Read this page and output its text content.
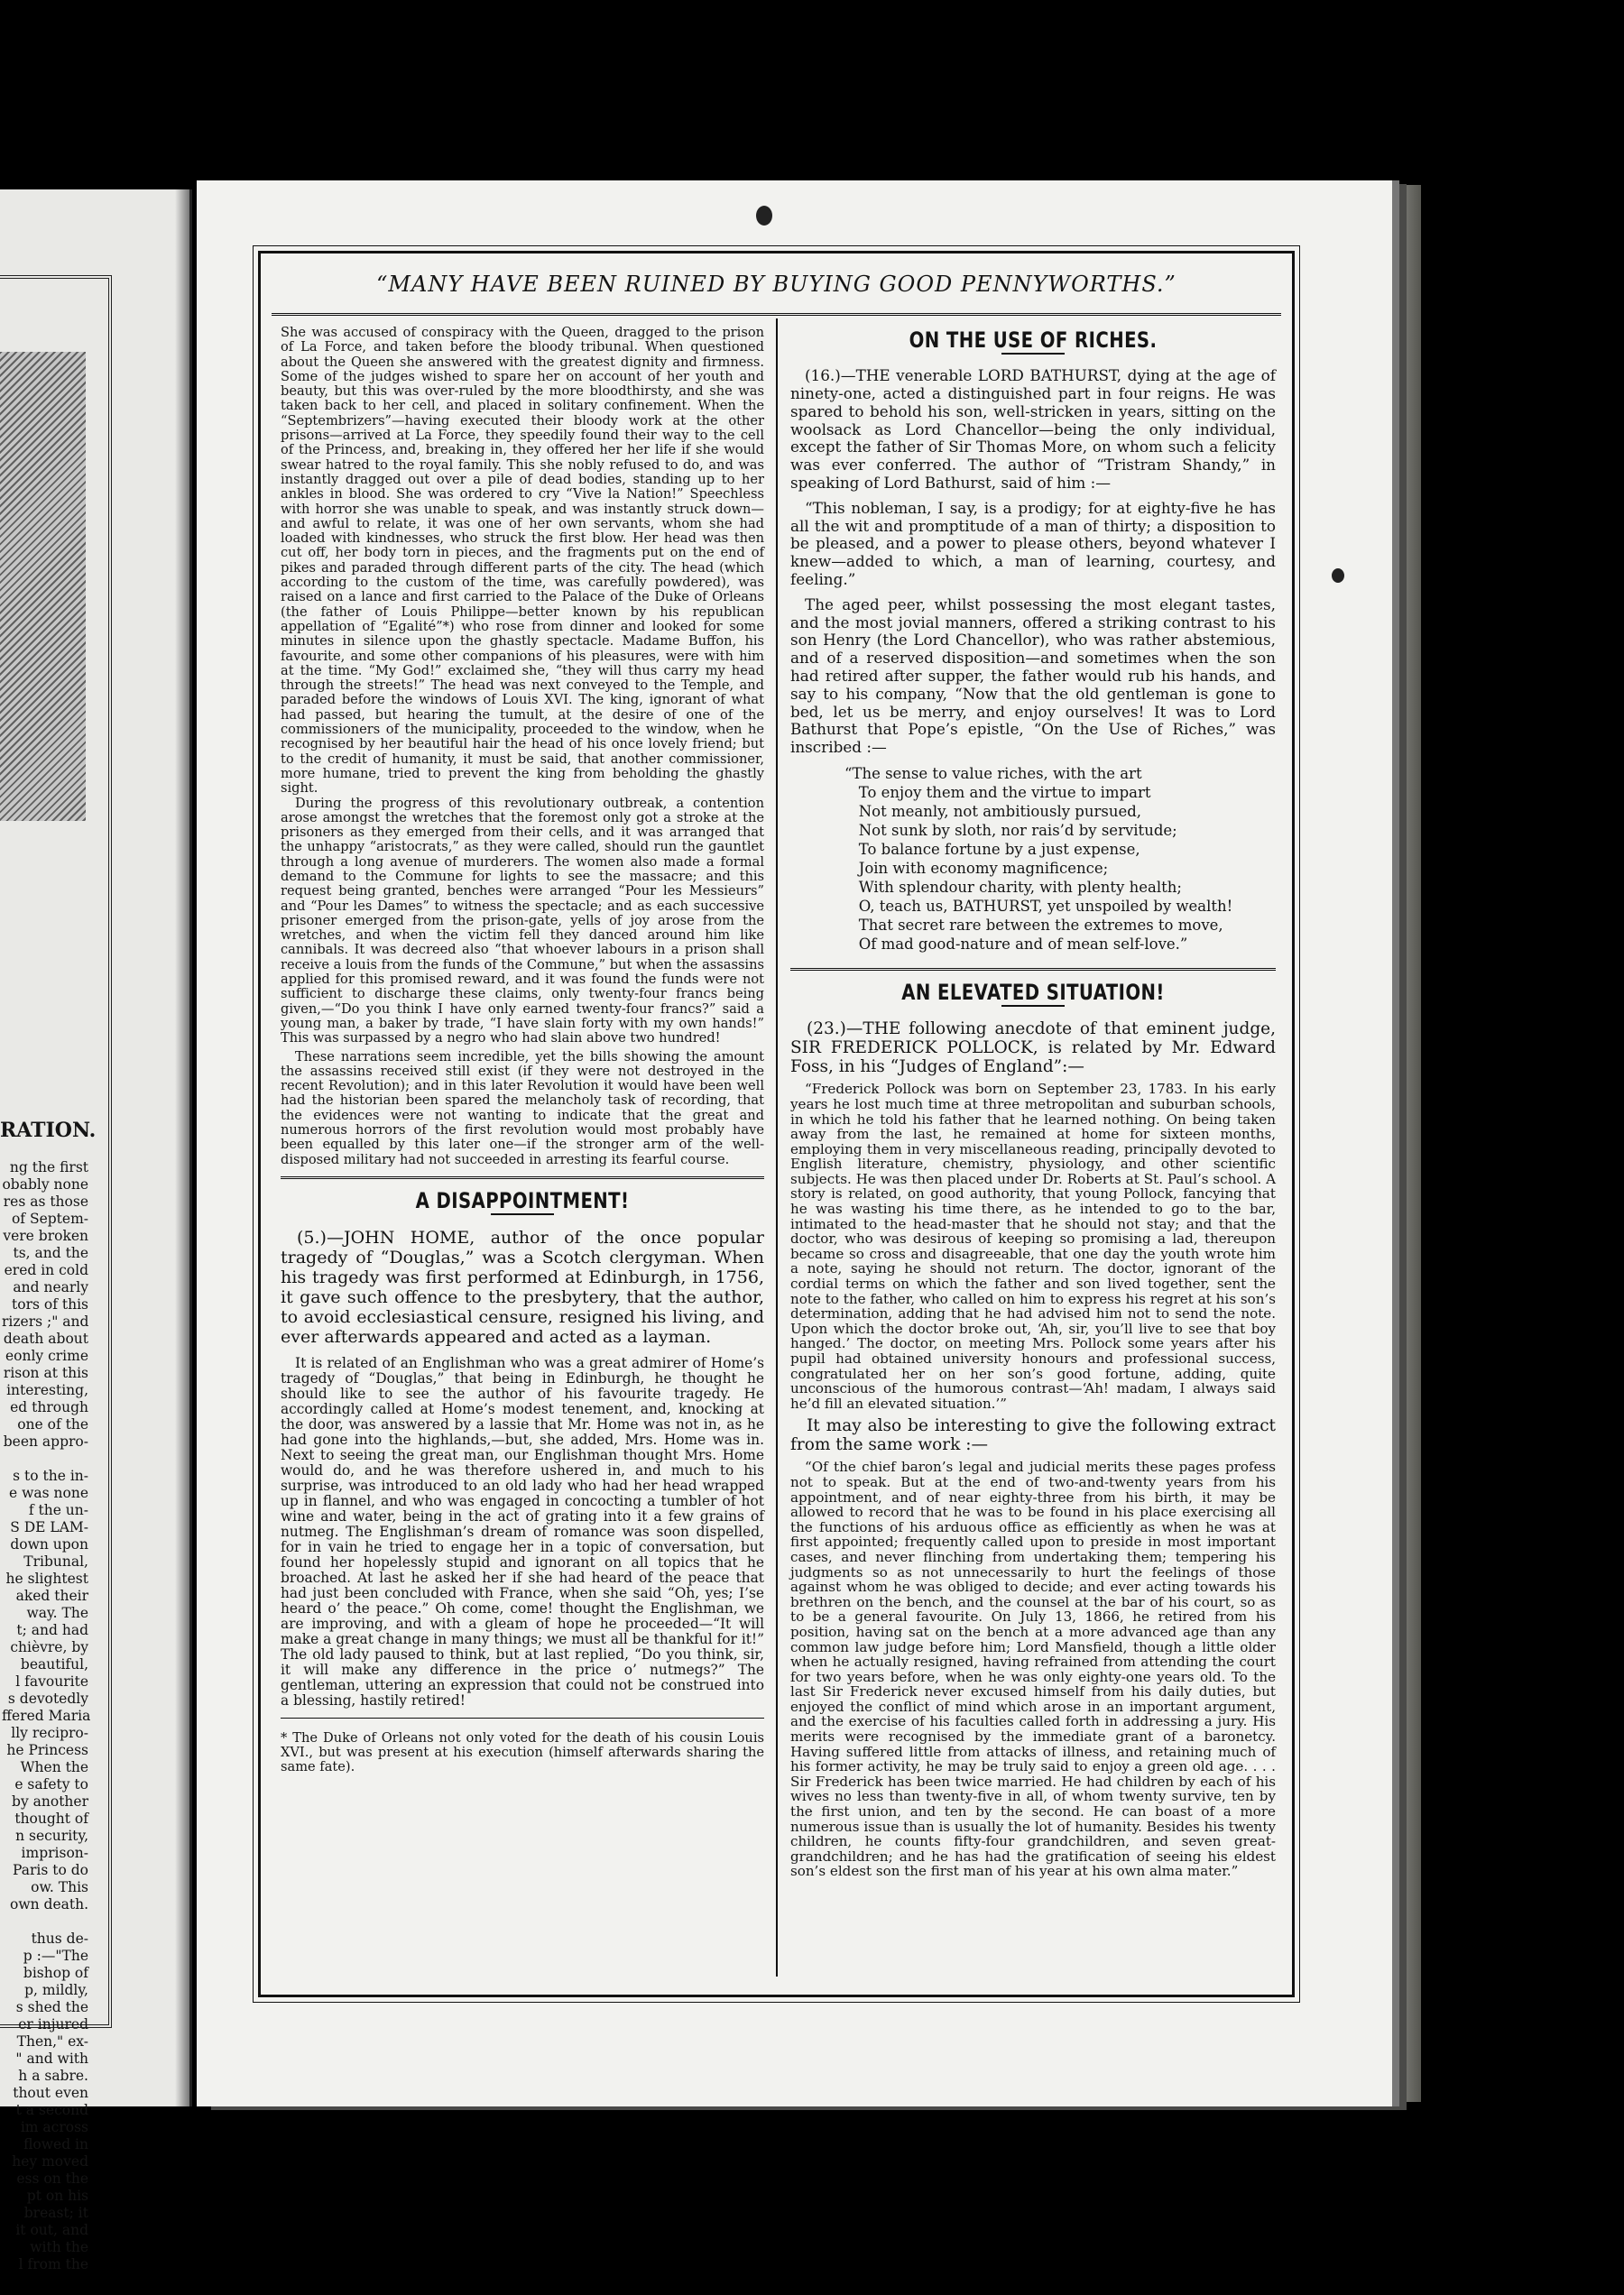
RATION.
ng the first
obably none
res as those
of Septem-
vere broken
ts, and the
ered in cold
and nearly
tors of this
rizers ;" and
death about
eonly crime
rison at this
interesting,
ed through
one of the
been appro-

s to the in-
e was none
f the un-
S DE LAM-
down upon
Tribunal,
he slightest
aked their
way. The
t; and had
chièvre, by
beautiful,
l favourite
s devotedly
ffered Maria
lly recipro-
he Princess
When the
e safety to
by another
thought of
n security,
imprison-
Paris to do
ow. This
own death.

thus de-
p :—"The
bishop of
p, mildly,
s shed the
er injured
Then," ex-
" and with
h a sabre.
thout even
t a second
im across
flowed in
hey moved
ess on the
pt on his
breast; it
it out, and
with the
l from the
“MANY HAVE BEEN RUINED BY BUYING GOOD PENNYWORTHS.”

She was accused of conspiracy with the Queen, dragged to the prison of La Force, and taken before the bloody tribunal. When questioned about the Queen she answered with the greatest dignity and firmness. Some of the judges wished to spare her on account of her youth and beauty, but this was over-ruled by the more bloodthirsty, and she was taken back to her cell, and placed in solitary confinement. When the “Septembrizers”—having executed their bloody work at the other prisons—arrived at La Force, they speedily found their way to the cell of the Princess, and, breaking in, they offered her her life if she would swear hatred to the royal family. This she nobly refused to do, and was instantly dragged out over a pile of dead bodies, standing up to her ankles in blood. She was ordered to cry “Vive la Nation!” Speechless with horror she was unable to speak, and was instantly struck down—and awful to relate, it was one of her own servants, whom she had loaded with kindnesses, who struck the first blow. Her head was then cut off, her body torn in pieces, and the fragments put on the end of pikes and paraded through different parts of the city. The head (which according to the custom of the time, was carefully powdered), was raised on a lance and first carried to the Palace of the Duke of Orleans (the father of Louis Philippe—better known by his republican appellation of “Egalité”*) who rose from dinner and looked for some minutes in silence upon the ghastly spectacle. Madame Buffon, his favourite, and some other companions of his pleasures, were with him at the time. “My God!” exclaimed she, “they will thus carry my head through the streets!” The head was next conveyed to the Temple, and paraded before the windows of Louis XVI. The king, ignorant of what had passed, but hearing the tumult, at the desire of one of the commissioners of the municipality, proceeded to the window, when he recognised by her beautiful hair the head of his once lovely friend; but to the credit of humanity, it must be said, that another commissioner, more humane, tried to prevent the king from beholding the ghastly sight.

During the progress of this revolutionary outbreak, a contention arose amongst the wretches that the foremost only got a stroke at the prisoners as they emerged from their cells, and it was arranged that the unhappy “aristocrats,” as they were called, should run the gauntlet through a long avenue of murderers. The women also made a formal demand to the Commune for lights to see the massacre; and this request being granted, benches were arranged “Pour les Messieurs” and “Pour les Dames” to witness the spectacle; and as each successive prisoner emerged from the prison-gate, yells of joy arose from the wretches, and when the victim fell they danced around him like cannibals. It was decreed also “that whoever labours in a prison shall receive a louis from the funds of the Commune,” but when the assassins applied for this promised reward, and it was found the funds were not sufficient to discharge these claims, only twenty-four francs being given,—“Do you think I have only earned twenty-four francs?” said a young man, a baker by trade, “I have slain forty with my own hands!” This was surpassed by a negro who had slain above two hundred!

These narrations seem incredible, yet the bills showing the amount the assassins received still exist (if they were not destroyed in the recent Revolution); and in this later Revolution it would have been well had the historian been spared the melancholy task of recording, that the evidences were not wanting to indicate that the great and numerous horrors of the first revolution would most probably have been equalled by this later one—if the stronger arm of the well-disposed military had not succeeded in arresting its fearful course.

A DISAPPOINTMENT!

(5.)—JOHN HOME, author of the once popular tragedy of “Douglas,” was a Scotch clergyman. When his tragedy was first performed at Edinburgh, in 1756, it gave such offence to the presbytery, that the author, to avoid ecclesiastical censure, resigned his living, and ever afterwards appeared and acted as a layman.

It is related of an Englishman who was a great admirer of Home’s tragedy of “Douglas,” that being in Edinburgh, he thought he should like to see the author of his favourite tragedy. He accordingly called at Home’s modest tenement, and, knocking at the door, was answered by a lassie that Mr. Home was not in, as he had gone into the highlands,—but, she added, Mrs. Home was in. Next to seeing the great man, our Englishman thought Mrs. Home would do, and he was therefore ushered in, and much to his surprise, was introduced to an old lady who had her head wrapped up in flannel, and who was engaged in concocting a tumbler of hot wine and water, being in the act of grating into it a few grains of nutmeg. The Englishman’s dream of romance was soon dispelled, for in vain he tried to engage her in a topic of conversation, but found her hopelessly stupid and ignorant on all topics that he broached. At last he asked her if she had heard of the peace that had just been concluded with France, when she said “Oh, yes; I’se heard o’ the peace.” Oh come, come! thought the Englishman, we are improving, and with a gleam of hope he proceeded—“It will make a great change in many things; we must all be thankful for it!” The old lady paused to think, but at last replied, “Do you think, sir, it will make any difference in the price o’ nutmegs?” The gentleman, uttering an expression that could not be construed into a blessing, hastily retired!

* The Duke of Orleans not only voted for the death of his cousin Louis XVI., but was present at his execution (himself afterwards sharing the same fate).
ON THE USE OF RICHES.

(16.)—THE venerable LORD BATHURST, dying at the age of ninety-one, acted a distinguished part in four reigns. He was spared to behold his son, well-stricken in years, sitting on the woolsack as Lord Chancellor—being the only individual, except the father of Sir Thomas More, on whom such a felicity was ever conferred. The author of “Tristram Shandy,” in speaking of Lord Bathurst, said of him :—

“This nobleman, I say, is a prodigy; for at eighty-five he has all the wit and promptitude of a man of thirty; a disposition to be pleased, and a power to please others, beyond whatever I knew—added to which, a man of learning, courtesy, and feeling.”

The aged peer, whilst possessing the most elegant tastes, and the most jovial manners, offered a striking contrast to his son Henry (the Lord Chancellor), who was rather abstemious, and of a reserved disposition—and sometimes when the son had retired after supper, the father would rub his hands, and say to his company, “Now that the old gentleman is gone to bed, let us be merry, and enjoy ourselves! It was to Lord Bathurst that Pope’s epistle, “On the Use of Riches,” was inscribed :—

“The sense to value riches, with the art
To enjoy them and the virtue to impart
Not meanly, not ambitiously pursued,
Not sunk by sloth, nor rais’d by servitude;
To balance fortune by a just expense,
Join with economy magnificence;
With splendour charity, with plenty health;
O, teach us, BATHURST, yet unspoiled by wealth!
That secret rare between the extremes to move,
Of mad good-nature and of mean self-love.”
AN ELEVATED SITUATION!

(23.)—THE following anecdote of that eminent judge, SIR FREDERICK POLLOCK, is related by Mr. Edward Foss, in his “Judges of England”:—

“Frederick Pollock was born on September 23, 1783. In his early years he lost much time at three metropolitan and suburban schools, in which he told his father that he learned nothing. On being taken away from the last, he remained at home for sixteen months, employing them in very miscellaneous reading, principally devoted to English literature, chemistry, physiology, and other scientific subjects. He was then placed under Dr. Roberts at St. Paul’s school. A story is related, on good authority, that young Pollock, fancying that he was wasting his time there, as he intended to go to the bar, intimated to the head-master that he should not stay; and that the doctor, who was desirous of keeping so promising a lad, thereupon became so cross and disagreeable, that one day the youth wrote him a note, saying he should not return. The doctor, ignorant of the cordial terms on which the father and son lived together, sent the note to the father, who called on him to express his regret at his son’s determination, adding that he had advised him not to send the note. Upon which the doctor broke out, ‘Ah, sir, you’ll live to see that boy hanged.’ The doctor, on meeting Mrs. Pollock some years after his pupil had obtained university honours and professional success, congratulated her on her son’s good fortune, adding, quite unconscious of the humorous contrast—‘Ah! madam, I always said he’d fill an elevated situation.’”

It may also be interesting to give the following extract from the same work :—

“Of the chief baron’s legal and judicial merits these pages profess not to speak. But at the end of two-and-twenty years from his appointment, and of near eighty-three from his birth, it may be allowed to record that he was to be found in his place exercising all the functions of his arduous office as efficiently as when he was at first appointed; frequently called upon to preside in most important cases, and never flinching from undertaking them; tempering his judgments so as not unnecessarily to hurt the feelings of those against whom he was obliged to decide; and ever acting towards his brethren on the bench, and the counsel at the bar of his court, so as to be a general favourite. On July 13, 1866, he retired from his position, having sat on the bench at a more advanced age than any common law judge before him; Lord Mansfield, though a little older when he actually resigned, having refrained from attending the court for two years before, when he was only eighty-one years old. To the last Sir Frederick never excused himself from his daily duties, but enjoyed the conflict of mind which arose in an important argument, and the exercise of his faculties called forth in addressing a jury. His merits were recognised by the immediate grant of a baronetcy. Having suffered little from attacks of illness, and retaining much of his former activity, he may be truly said to enjoy a green old age. . . . Sir Frederick has been twice married. He had children by each of his wives no less than twenty-five in all, of whom twenty survive, ten by the first union, and ten by the second. He can boast of a more numerous issue than is usually the lot of humanity. Besides his twenty children, he counts fifty-four grandchildren, and seven great-grandchildren; and he has had the gratification of seeing his eldest son’s eldest son the first man of his year at his own alma mater.”
